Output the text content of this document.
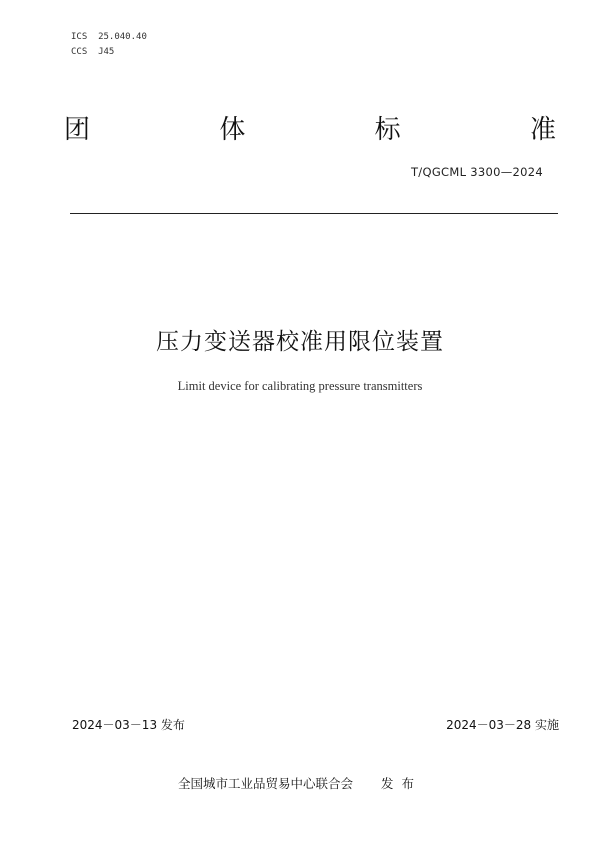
ICS  25.040.40
CCS  J45
团	体	标	准
T/QGCML 3300—2024
压力变送器校准用限位装置
Limit device for calibrating pressure transmitters
2024－03－13 发布	2024－03－28 实施
全国城市工业品贸易中心联合会 发布
